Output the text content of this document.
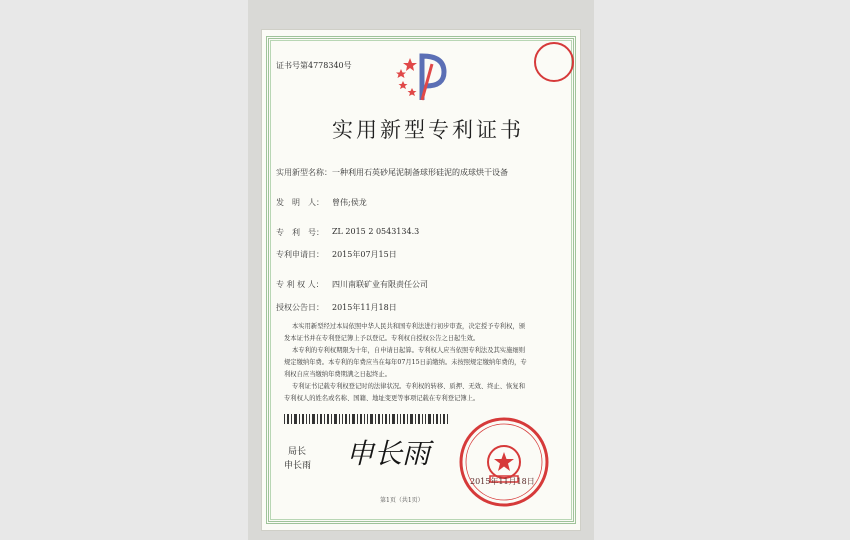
证书号第4778340号
实用新型专利证书
实用新型名称： 一种利用石英砂尾泥制备球形硅泥的成球烘干设备
发　明　人： 曾伟;侯龙
专　利　号： ZL 2015 2 0543134.3
专利申请日： 2015年07月15日
专 利 权 人： 四川南联矿业有限责任公司
授权公告日： 2015年11月18日
本实用新型经过本局依照中华人民共和国专利法进行初步审查，决定授予专利权，颁
发本证书并在专利登记簿上予以登记。专利权自授权公告之日起生效。
本专利的专利权期限为十年，自申请日起算。专利权人应当依照专利法及其实施细则
规定缴纳年费。本专利的年费应当在每年07月15日前缴纳。未按照规定缴纳年费的，专
利权自应当缴纳年费期满之日起终止。
专利证书记载专利权登记时的法律状况。专利权的转移、质押、无效、终止、恢复和
专利权人的姓名或名称、国籍、地址变更等事项记载在专利登记簿上。
局长
申长雨 申长雨
2015年11月18日
第1页（共1页）
